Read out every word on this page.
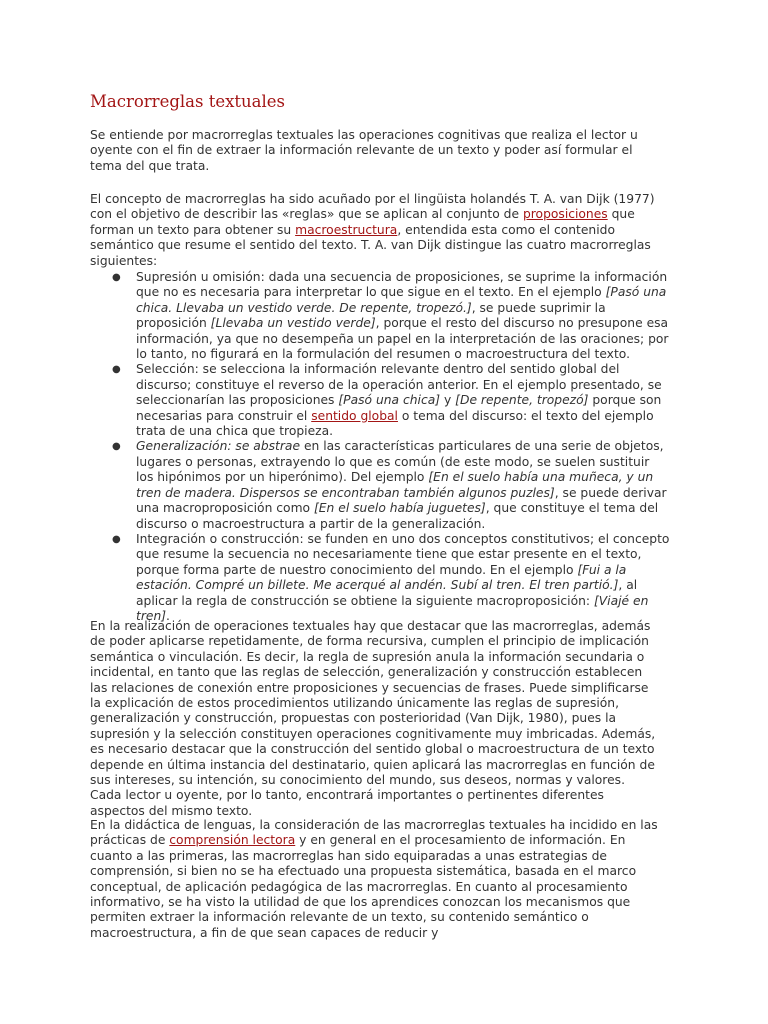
Macrorreglas textuales

Se entiende por macrorreglas textuales las operaciones cognitivas que realiza el lector u oyente con el fin de extraer la información relevante de un texto y poder así formular el tema del que trata.

El concepto de macrorreglas ha sido acuñado por el lingüista holandés T. A. van Dijk (1977) con el objetivo de describir las «reglas» que se aplican al conjunto de proposiciones que forman un texto para obtener su macroestructura, entendida esta como el contenido semántico que resume el sentido del texto. T. A. van Dijk distingue las cuatro macrorreglas siguientes:

● Supresión u omisión: dada una secuencia de proposiciones, se suprime la información que no es necesaria para interpretar lo que sigue en el texto. En el ejemplo [Pasó una chica. Llevaba un vestido verde. De repente, tropezó.], se puede suprimir la proposición [Llevaba un vestido verde], porque el resto del discurso no presupone esa información, ya que no desempeña un papel en la interpretación de las oraciones; por lo tanto, no figurará en la formulación del resumen o macroestructura del texto.
● Selección: se selecciona la información relevante dentro del sentido global del discurso; constituye el reverso de la operación anterior. En el ejemplo presentado, se seleccionarían las proposiciones [Pasó una chica] y [De repente, tropezó] porque son necesarias para construir el sentido global o tema del discurso: el texto del ejemplo trata de una chica que tropieza.
● Generalización: se abstrae en las características particulares de una serie de objetos, lugares o personas, extrayendo lo que es común (de este modo, se suelen sustituir los hipónimos por un hiperónimo). Del ejemplo [En el suelo había una muñeca, y un tren de madera. Dispersos se encontraban también algunos puzles], se puede derivar una macroproposición como [En el suelo había juguetes], que constituye el tema del discurso o macroestructura a partir de la generalización.
● Integración o construcción: se funden en uno dos conceptos constitutivos; el concepto que resume la secuencia no necesariamente tiene que estar presente en el texto, porque forma parte de nuestro conocimiento del mundo. En el ejemplo [Fui a la estación. Compré un billete. Me acerqué al andén. Subí al tren. El tren partió.], al aplicar la regla de construcción se obtiene la siguiente macroproposición: [Viajé en tren].

En la realización de operaciones textuales hay que destacar que las macrorreglas, además de poder aplicarse repetidamente, de forma recursiva, cumplen el principio de implicación semántica o vinculación. Es decir, la regla de supresión anula la información secundaria o incidental, en tanto que las reglas de selección, generalización y construcción establecen las relaciones de conexión entre proposiciones y secuencias de frases. Puede simplificarse la explicación de estos procedimientos utilizando únicamente las reglas de supresión, generalización y construcción, propuestas con posterioridad (Van Dijk, 1980), pues la supresión y la selección constituyen operaciones cognitivamente muy imbricadas. Además, es necesario destacar que la construcción del sentido global o macroestructura de un texto depende en última instancia del destinatario, quien aplicará las macrorreglas en función de sus intereses, su intención, su conocimiento del mundo, sus deseos, normas y valores. Cada lector u oyente, por lo tanto, encontrará importantes o pertinentes diferentes aspectos del mismo texto.

En la didáctica de lenguas, la consideración de las macrorreglas textuales ha incidido en las prácticas de comprensión lectora y en general en el procesamiento de información. En cuanto a las primeras, las macrorreglas han sido equiparadas a unas estrategias de comprensión, si bien no se ha efectuado una propuesta sistemática, basada en el marco conceptual, de aplicación pedagógica de las macrorreglas. En cuanto al procesamiento informativo, se ha visto la utilidad de que los aprendices conozcan los mecanismos que permiten extraer la información relevante de un texto, su contenido semántico o macroestructura, a fin de que sean capaces de reducir y
